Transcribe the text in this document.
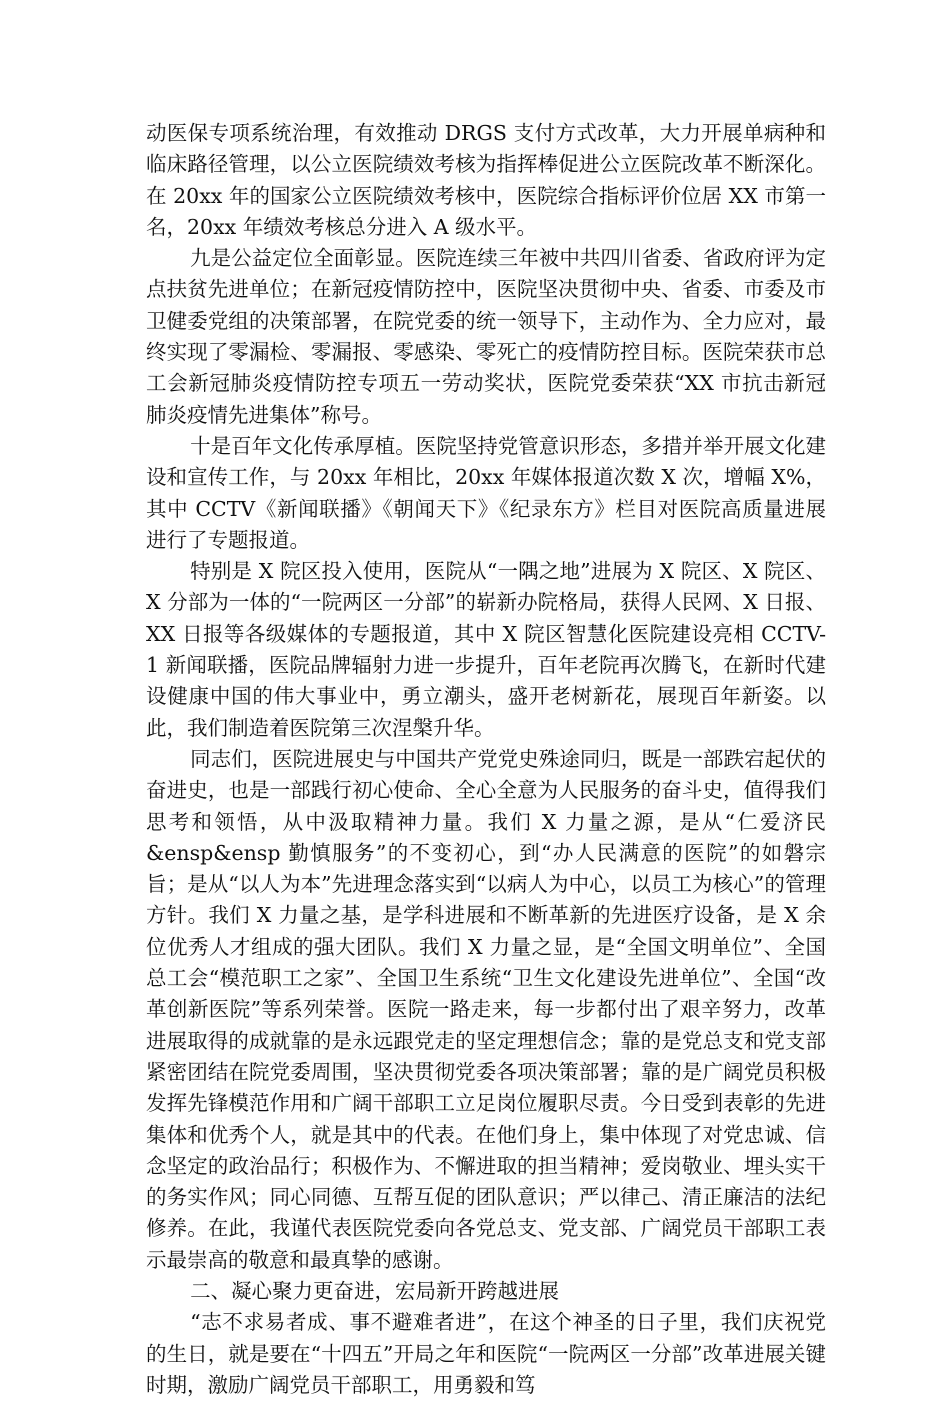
动医保专项系统治理，有效推动 DRGS 支付方式改革，大力开展单病种和临床路径管理，以公立医院绩效考核为指挥棒促进公立医院改革不断深化。在 20xx 年的国家公立医院绩效考核中，医院综合指标评价位居 XX 市第一名，20xx 年绩效考核总分进入 A 级水平。

九是公益定位全面彰显。医院连续三年被中共四川省委、省政府评为定点扶贫先进单位；在新冠疫情防控中，医院坚决贯彻中央、省委、市委及市卫健委党组的决策部署，在院党委的统一领导下，主动作为、全力应对，最终实现了零漏检、零漏报、零感染、零死亡的疫情防控目标。医院荣获市总工会新冠肺炎疫情防控专项五一劳动奖状，医院党委荣获“XX 市抗击新冠肺炎疫情先进集体”称号。

十是百年文化传承厚植。医院坚持党管意识形态，多措并举开展文化建设和宣传工作，与 20xx 年相比，20xx 年媒体报道次数 X 次，增幅 X%，其中 CCTV《新闻联播》《朝闻天下》《纪录东方》栏目对医院高质量进展进行了专题报道。

特别是 X 院区投入使用，医院从“一隅之地”进展为 X 院区、X 院区、X 分部为一体的“一院两区一分部”的崭新办院格局，获得人民网、X 日报、XX 日报等各级媒体的专题报道，其中 X 院区智慧化医院建设亮相 CCTV-1 新闻联播，医院品牌辐射力进一步提升，百年老院再次腾飞，在新时代建设健康中国的伟大事业中，勇立潮头，盛开老树新花，展现百年新姿。以此，我们制造着医院第三次涅槃升华。

同志们，医院进展史与中国共产党党史殊途同归，既是一部跌宕起伏的奋进史，也是一部践行初心使命、全心全意为人民服务的奋斗史，值得我们思考和领悟，从中汲取精神力量。我们 X 力量之源，是从“仁爱济民&ensp&ensp 勤慎服务”的不变初心，到“办人民满意的医院”的如磐宗旨；是从“以人为本”先进理念落实到“以病人为中心，以员工为核心”的管理方针。我们 X 力量之基，是学科进展和不断革新的先进医疗设备，是 X 余位优秀人才组成的强大团队。我们 X 力量之显，是“全国文明单位”、全国总工会“模范职工之家”、全国卫生系统“卫生文化建设先进单位”、全国“改革创新医院”等系列荣誉。医院一路走来，每一步都付出了艰辛努力，改革进展取得的成就靠的是永远跟党走的坚定理想信念；靠的是党总支和党支部紧密团结在院党委周围，坚决贯彻党委各项决策部署；靠的是广阔党员积极发挥先锋模范作用和广阔干部职工立足岗位履职尽责。今日受到表彰的先进集体和优秀个人，就是其中的代表。在他们身上，集中体现了对党忠诚、信念坚定的政治品行；积极作为、不懈进取的担当精神；爱岗敬业、埋头实干的务实作风；同心同德、互帮互促的团队意识；严以律己、清正廉洁的法纪修养。在此，我谨代表医院党委向各党总支、党支部、广阔党员干部职工表示最崇高的敬意和最真挚的感谢。

二、凝心聚力更奋进，宏局新开跨越进展

“志不求易者成、事不避难者进”，在这个神圣的日子里，我们庆祝党的生日，就是要在“十四五”开局之年和医院“一院两区一分部”改革进展关键时期，激励广阔党员干部职工，用勇毅和笃
